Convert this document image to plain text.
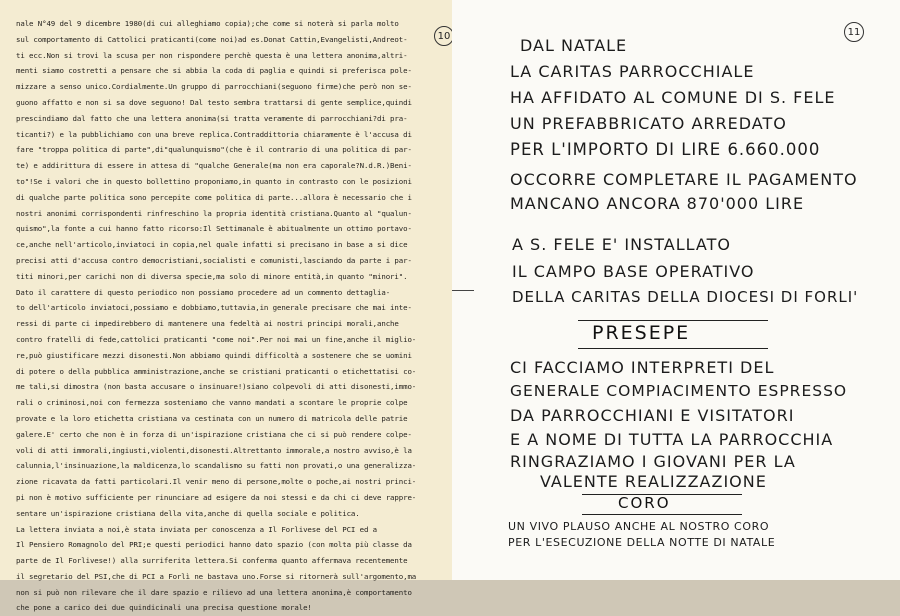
10
nale N°49 del 9 dicembre 1980(di cui alleghiamo copia);che come si noterà si parla molto
sul comportamento di Cattolici praticanti(come noi)ad es.Donat Cattin,Evangelisti,Andreot-
ti ecc.Non si trovi la scusa per non rispondere perchè questa è una lettera anonima,altri-
menti siamo costretti a pensare che si abbia la coda di paglia e quindi si preferisca pole-
mizzare a senso unico.Cordialmente.Un gruppo di parrocchiani(seguono firme)che però non se-
guono affatto e non si sa dove seguono! Dal testo sembra trattarsi di gente semplice,quindi
prescindiamo dal fatto che una lettera anonima(si tratta veramente di parrocchiani?di pra-
ticanti?) e la pubblichiamo con una breve replica.Contraddittoria chiaramente è l'accusa di
fare "troppa politica di parte",di"qualunquismo"(che è il contrario di una politica di par-
te) e addirittura di essere in attesa di "qualche Generale(ma non era caporale?N.d.R.)Beni-
to"!Se i valori che in questo bollettino proponiamo,in quanto in contrasto con le posizioni
di qualche parte politica sono percepite come politica di parte...allora è necessario che i
nostri anonimi corrispondenti rinfreschino la propria identità cristiana.Quanto al "qualun-
quismo",la fonte a cui hanno fatto ricorso:Il Settimanale è abitualmente un ottimo portavo-
ce,anche nell'articolo,inviatoci in copia,nel quale infatti si precisano in base a si dice
precisi atti d'accusa contro democristiani,socialisti e comunisti,lasciando da parte i par-
titi minori,per carichi non di diversa specie,ma solo di minore entità,in quanto "minori".
Dato il carattere di questo periodico non possiamo procedere ad un commento dettaglia-
to dell'articolo inviatoci,possiamo e dobbiamo,tuttavia,in generale precisare che mai inte-
ressi di parte ci impedirebbero di mantenere una fedeltà ai nostri principi morali,anche
contro fratelli di fede,cattolici praticanti "come noi".Per noi mai un fine,anche il miglio-
re,può giustificare mezzi disonesti.Non abbiamo quindi difficoltà a sostenere che se uomini
di potere o della pubblica amministrazione,anche se cristiani praticanti o etichettatisi co-
me tali,si dimostra (non basta accusare o insinuare!)siano colpevoli di atti disonesti,immo-
rali o criminosi,noi con fermezza sosteniamo che vanno mandati a scontare le proprie colpe
provate e la loro etichetta cristiana va cestinata con un numero di matricola delle patrie
galere.E' certo che non è in forza di un'ispirazione cristiana che ci si può rendere colpe-
voli di atti immorali,ingiusti,violenti,disonesti.Altrettanto immorale,a nostro avviso,è la
calunnia,l'insinuazione,la maldicenza,lo scandalismo su fatti non provati,o una generalizza-
zione ricavata da fatti particolari.Il venir meno di persone,molte o poche,ai nostri princi-
pi non è motivo sufficiente per rinunciare ad esigere da noi stessi e da chi ci deve rappre-
sentare un'ispirazione cristiana della vita,anche di quella sociale e politica.
La lettera inviata a noi,è stata inviata per conoscenza a Il Forlivese del PCI ed a
Il Pensiero Romagnolo del PRI;e questi periodici hanno dato spazio (con molta più classe da
parte de Il Forlivese!) alla surriferita lettera.Si conferma quanto affermava recentemente
il segretario del PSI,che di PCI a Forlì ne bastava uno.Forse si ritornerà sull'argomento,ma
non si può non rilevare che il dare spazio e rilievo ad una lettera anonima,è comportamento
che pone a carico dei due quindicinali una precisa questione morale!
11
DAL NATALE
LA CARITAS PARROCCHIALE
HA AFFIDATO AL COMUNE DI S. FELE
UN PREFABBRICATO ARREDATO
PER L'IMPORTO DI LIRE 6.660.000
OCCORRE COMPLETARE IL PAGAMENTO
MANCANO ANCORA 870'000 LIRE
A S. FELE E' INSTALLATO
IL CAMPO BASE OPERATIVO
DELLA CARITAS DELLA DIOCESI DI FORLI'
PRESEPE
CI FACCIAMO INTERPRETI DEL
GENERALE COMPIACIMENTO ESPRESSO
DA PARROCCHIANI E VISITATORI
E A NOME DI TUTTA LA PARROCCHIA
RINGRAZIAMO I GIOVANI PER LA
VALENTE REALIZZAZIONE
CORO
UN VIVO PLAUSO ANCHE AL NOSTRO CORO
PER L'ESECUZIONE DELLA NOTTE DI NATALE
